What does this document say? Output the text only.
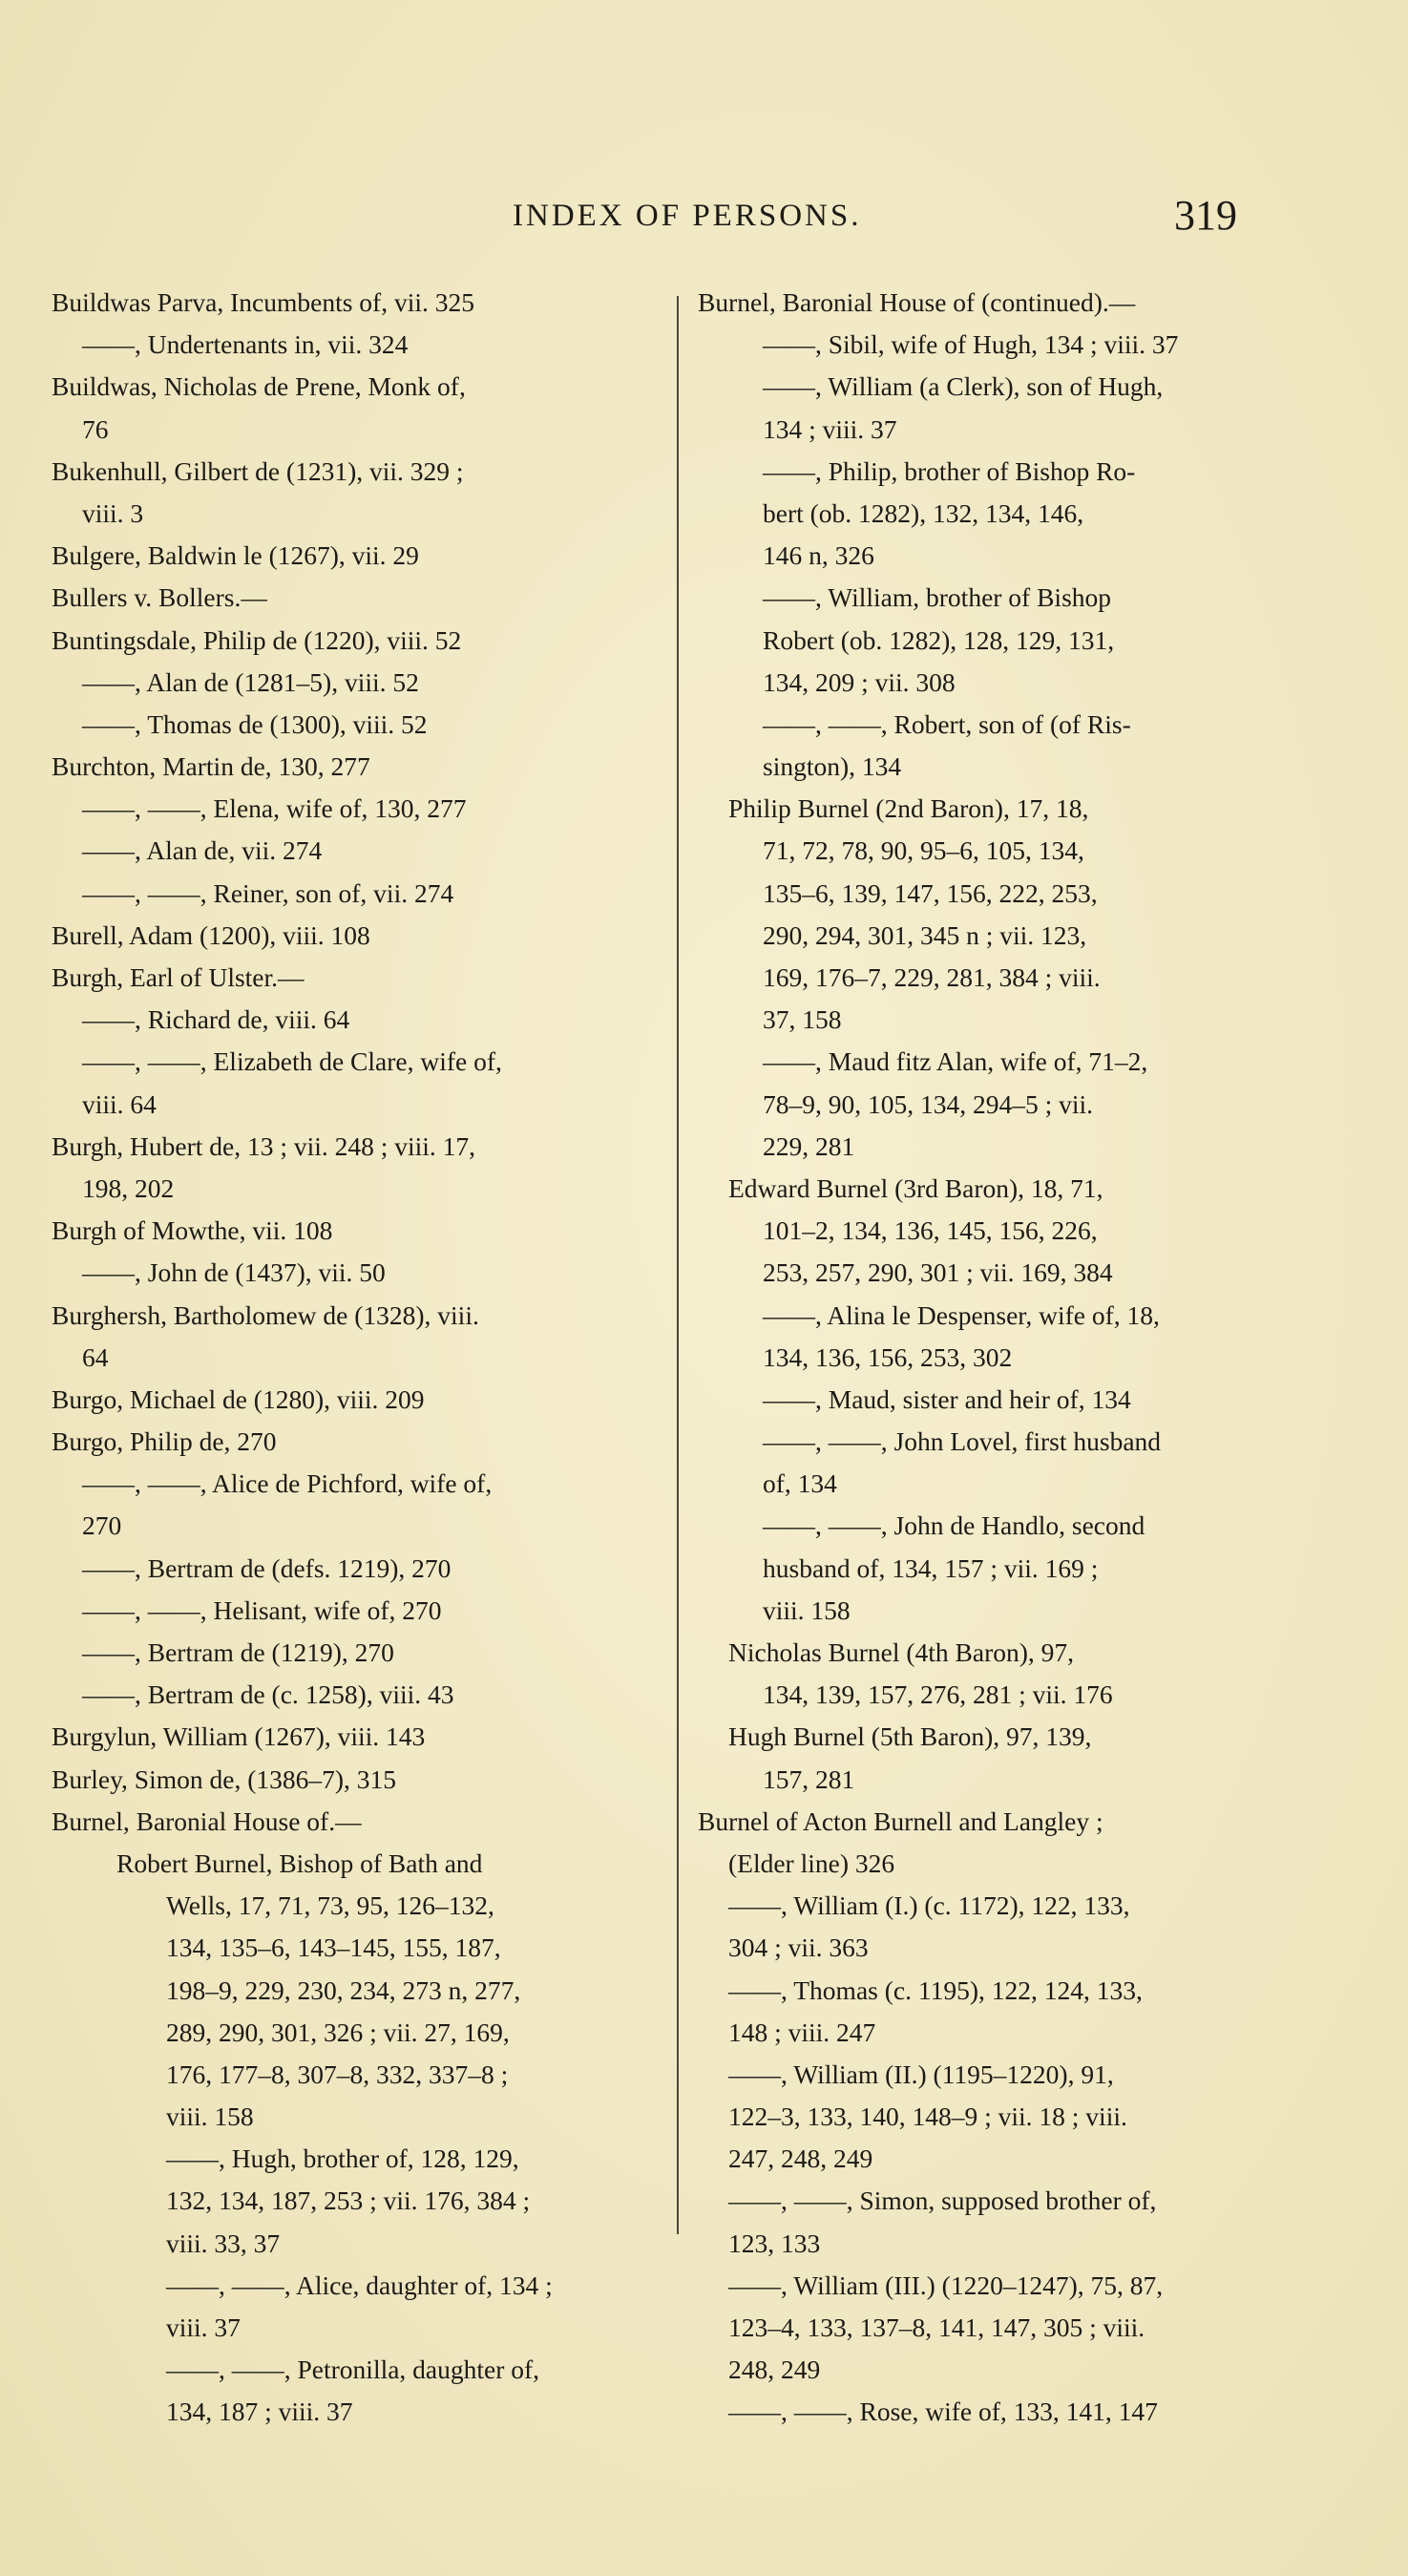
INDEX OF PERSONS.	319
Buildwas Parva, Incumbents of, vii. 325
——, Undertenants in, vii. 324
Buildwas, Nicholas de Prene, Monk of,
76
Bukenhull, Gilbert de (1231), vii. 329 ;
viii. 3
Bulgere, Baldwin le (1267), vii. 29
Bullers v. Bollers.—
Buntingsdale, Philip de (1220), viii. 52
——, Alan de (1281–5), viii. 52
——, Thomas de (1300), viii. 52
Burchton, Martin de, 130, 277
——, ——, Elena, wife of, 130, 277
——, Alan de, vii. 274
——, ——, Reiner, son of, vii. 274
Burell, Adam (1200), viii. 108
Burgh, Earl of Ulster.—
——, Richard de, viii. 64
——, ——, Elizabeth de Clare, wife of,
viii. 64
Burgh, Hubert de, 13 ; vii. 248 ; viii. 17,
198, 202
Burgh of Mowthe, vii. 108
——, John de (1437), vii. 50
Burghersh, Bartholomew de (1328), viii.
64
Burgo, Michael de (1280), viii. 209
Burgo, Philip de, 270
——, ——, Alice de Pichford, wife of,
270
——, Bertram de (defs. 1219), 270
——, ——, Helisant, wife of, 270
——, Bertram de (1219), 270
——, Bertram de (c. 1258), viii. 43
Burgylun, William (1267), viii. 143
Burley, Simon de, (1386–7), 315
Burnel, Baronial House of.—
Robert Burnel, Bishop of Bath and
Wells, 17, 71, 73, 95, 126–132,
134, 135–6, 143–145, 155, 187,
198–9, 229, 230, 234, 273 n, 277,
289, 290, 301, 326 ; vii. 27, 169,
176, 177–8, 307–8, 332, 337–8 ;
viii. 158
——, Hugh, brother of, 128, 129,
132, 134, 187, 253 ; vii. 176, 384 ;
viii. 33, 37
——, ——, Alice, daughter of, 134 ;
viii. 37
——, ——, Petronilla, daughter of,
134, 187 ; viii. 37
Burnel, Baronial House of (continued).—
——, Sibil, wife of Hugh, 134 ; viii. 37
——, William (a Clerk), son of Hugh,
134 ; viii. 37
——, Philip, brother of Bishop Ro-
bert (ob. 1282), 132, 134, 146,
146 n, 326
——, William, brother of Bishop
Robert (ob. 1282), 128, 129, 131,
134, 209 ; vii. 308
——, ——, Robert, son of (of Ris-
sington), 134
Philip Burnel (2nd Baron), 17, 18,
71, 72, 78, 90, 95–6, 105, 134,
135–6, 139, 147, 156, 222, 253,
290, 294, 301, 345 n ; vii. 123,
169, 176–7, 229, 281, 384 ; viii.
37, 158
——, Maud fitz Alan, wife of, 71–2,
78–9, 90, 105, 134, 294–5 ; vii.
229, 281
Edward Burnel (3rd Baron), 18, 71,
101–2, 134, 136, 145, 156, 226,
253, 257, 290, 301 ; vii. 169, 384
——, Alina le Despenser, wife of, 18,
134, 136, 156, 253, 302
——, Maud, sister and heir of, 134
——, ——, John Lovel, first husband
of, 134
——, ——, John de Handlo, second
husband of, 134, 157 ; vii. 169 ;
viii. 158
Nicholas Burnel (4th Baron), 97,
134, 139, 157, 276, 281 ; vii. 176
Hugh Burnel (5th Baron), 97, 139,
157, 281
Burnel of Acton Burnell and Langley ;
(Elder line) 326
——, William (I.) (c. 1172), 122, 133,
304 ; vii. 363
——, Thomas (c. 1195), 122, 124, 133,
148 ; viii. 247
——, William (II.) (1195–1220), 91,
122–3, 133, 140, 148–9 ; vii. 18 ; viii.
247, 248, 249
——, ——, Simon, supposed brother of,
123, 133
——, William (III.) (1220–1247), 75, 87,
123–4, 133, 137–8, 141, 147, 305 ; viii.
248, 249
——, ——, Rose, wife of, 133, 141, 147
